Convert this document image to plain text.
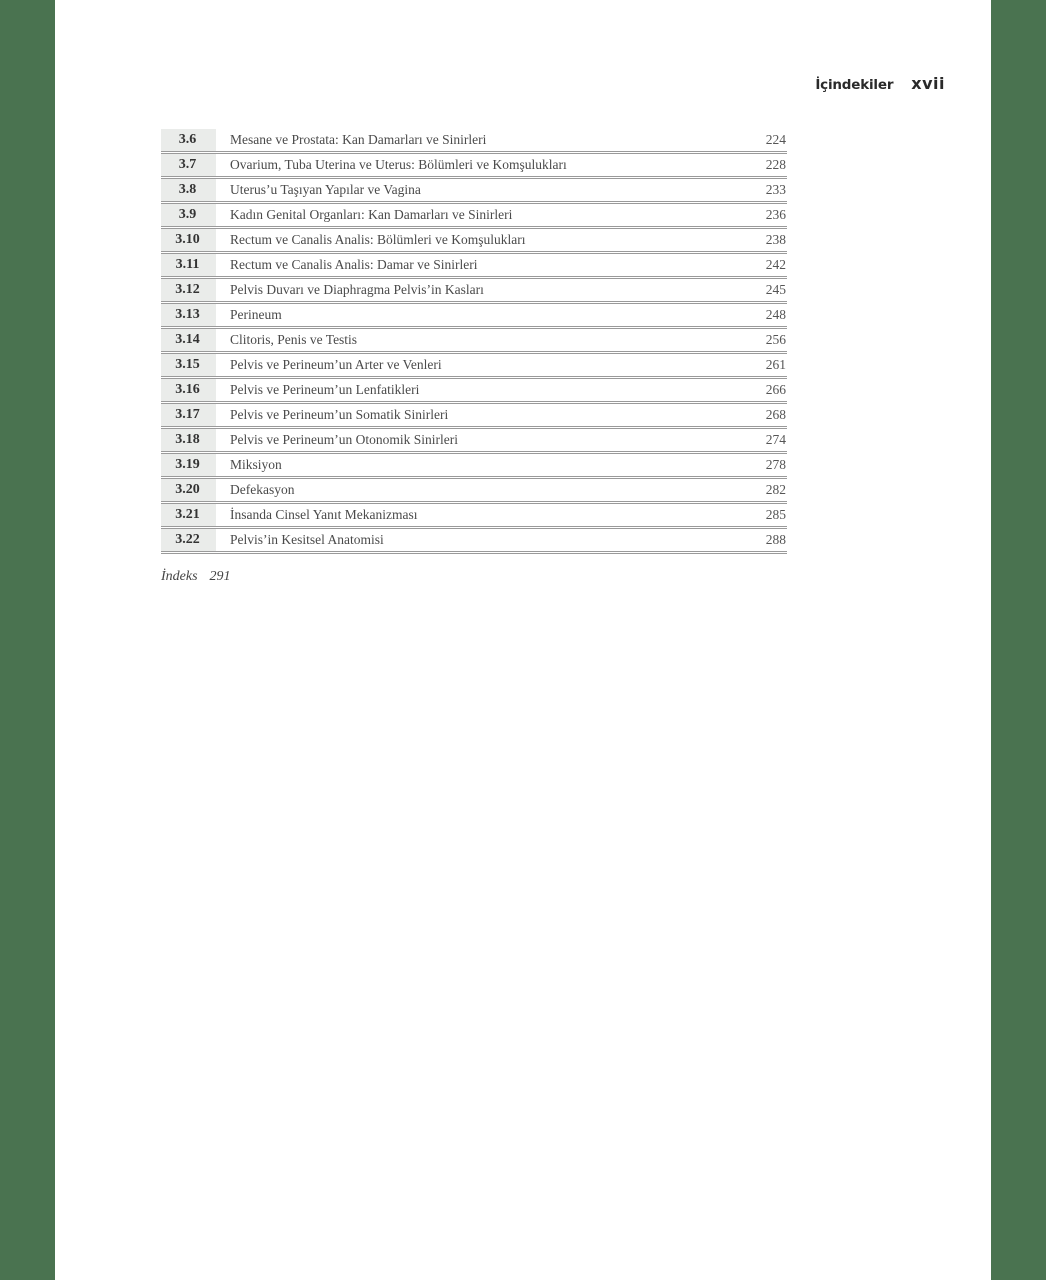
İçindekiler xvii
3.6	Mesane ve Prostata: Kan Damarları ve Sinirleri	224
3.7	Ovarium, Tuba Uterina ve Uterus: Bölümleri ve Komşulukları	228
3.8	Uterus’u Taşıyan Yapılar ve Vagina	233
3.9	Kadın Genital Organları: Kan Damarları ve Sinirleri	236
3.10	Rectum ve Canalis Analis: Bölümleri ve Komşulukları	238
3.11	Rectum ve Canalis Analis: Damar ve Sinirleri	242
3.12	Pelvis Duvarı ve Diaphragma Pelvis’in Kasları	245
3.13	Perineum	248
3.14	Clitoris, Penis ve Testis	256
3.15	Pelvis ve Perineum’un Arter ve Venleri	261
3.16	Pelvis ve Perineum’un Lenfatikleri	266
3.17	Pelvis ve Perineum’un Somatik Sinirleri	268
3.18	Pelvis ve Perineum’un Otonomik Sinirleri	274
3.19	Miksiyon	278
3.20	Defekasyon	282
3.21	İnsanda Cinsel Yanıt Mekanizması	285
3.22	Pelvis’in Kesitsel Anatomisi	288
İndeks 291
